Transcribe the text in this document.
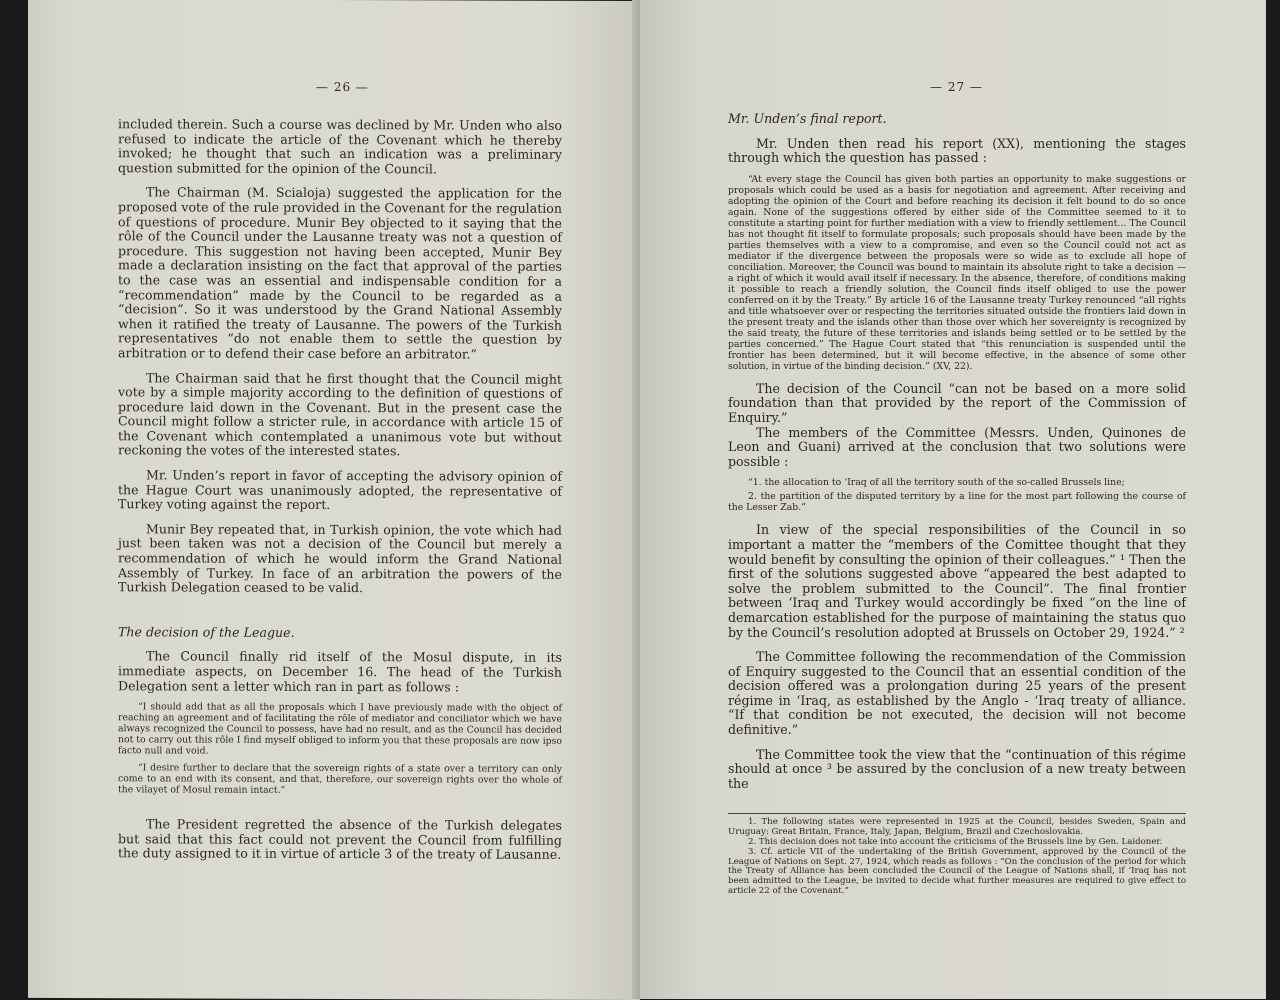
— 26 —

included therein. Such a course was declined by Mr. Unden who also refused to indicate the article of the Covenant which he thereby invoked; he thought that such an indication was a preliminary question submitted for the opinion of the Council.

The Chairman (M. Scialoja) suggested the application for the proposed vote of the rule provided in the Covenant for the regulation of questions of procedure. Munir Bey objected to it saying that the rôle of the Council under the Lausanne treaty was not a question of procedure. This suggestion not having been accepted, Munir Bey made a declaration insisting on the fact that approval of the parties to the case was an essential and indispensable condition for a “recommendation” made by the Council to be regarded as a “decision”. So it was understood by the Grand National Assembly when it ratified the treaty of Lausanne. The powers of the Turkish representatives “do not enable them to settle the question by arbitration or to defend their case before an arbitrator.”

The Chairman said that he first thought that the Council might vote by a simple majority according to the definition of questions of procedure laid down in the Covenant. But in the present case the Council might follow a stricter rule, in accordance with article 15 of the Covenant which contemplated a unanimous vote but without reckoning the votes of the interested states.

Mr. Unden’s report in favor of accepting the advisory opinion of the Hague Court was unanimously adopted, the representative of Turkey voting against the report.

Munir Bey repeated that, in Turkish opinion, the vote which had just been taken was not a decision of the Council but merely a recommendation of which he would inform the Grand National Assembly of Turkey. In face of an arbitration the powers of the Turkish Delegation ceased to be valid.

The decision of the League.

The Council finally rid itself of the Mosul dispute, in its immediate aspects, on December 16. The head of the Turkish Delegation sent a letter which ran in part as follows :

“I should add that as all the proposals which I have previously made with the object of reaching an agreement and of facilitating the rôle of mediator and conciliator which we have always recognized the Council to possess, have had no result, and as the Council has decided not to carry out this rôle I find myself obliged to inform you that these proposals are now ipso facto null and void.

“I desire further to declare that the sovereign rights of a state over a territory can only come to an end with its consent, and that, therefore, our sovereign rights over the whole of the vilayet of Mosul remain intact.”

The President regretted the absence of the Turkish delegates but said that this fact could not prevent the Council from fulfilling the duty assigned to it in virtue of article 3 of the treaty of Lausanne.

— 27 —

Mr. Unden’s final report.

Mr. Unden then read his report (XX), mentioning the stages through which the question has passed :

“At every stage the Council has given both parties an opportunity to make suggestions or proposals which could be used as a basis for negotiation and agreement. After receiving and adopting the opinion of the Court and before reaching its decision it felt bound to do so once again. None of the suggestions offered by either side of the Committee seemed to it to constitute a starting point for further mediation with a view to friendly settlement... The Council has not thought fit itself to formulate proposals; such proposals should have been made by the parties themselves with a view to a compromise, and even so the Council could not act as mediator if the divergence between the proposals were so wide as to exclude all hope of conciliation. Moreover, the Council was bound to maintain its absolute right to take a decision — a right of which it would avail itself if necessary. In the absence, therefore, of conditions making it possible to reach a friendly solution, the Council finds itself obliged to use the power conferred on it by the Treaty.” By article 16 of the Lausanne treaty Turkey renounced “all rights and title whatsoever over or respecting the territories situated outside the frontiers laid down in the present treaty and the islands other than those over which her sovereignty is recognized by the said treaty, the future of these territories and islands being settled or to be settled by the parties concerned.” The Hague Court stated that “this renunciation is suspended until the frontier has been determined, but it will become effective, in the absence of some other solution, in virtue of the binding decision.” (XV, 22).

The decision of the Council “can not be based on a more solid foundation than that provided by the report of the Commission of Enquiry.”

The members of the Committee (Messrs. Unden, Quinones de Leon and Guani) arrived at the conclusion that two solutions were possible :

“1. the allocation to ‘Iraq of all the territory south of the so-called Brussels line;

2. the partition of the disputed territory by a line for the most part following the course of the Lesser Zab.”

In view of the special responsibilities of the Council in so important a matter the “members of the Comittee thought that they would benefit by consulting the opinion of their colleagues.” ¹ Then the first of the solutions suggested above “appeared the best adapted to solve the problem submitted to the Council”. The final frontier between ‘Iraq and Turkey would accordingly be fixed “on the line of demarcation established for the purpose of maintaining the status quo by the Council’s resolution adopted at Brussels on October 29, 1924.” ²

The Committee following the recommendation of the Commission of Enquiry suggested to the Council that an essential condition of the decision offered was a prolongation during 25 years of the present régime in ‘Iraq, as established by the Anglo - ‘Iraq treaty of alliance. “If that condition be not executed, the decision will not become definitive.”

The Committee took the view that the “continuation of this régime should at once ³ be assured by the conclusion of a new treaty between the

1. The following states were represented in 1925 at the Council, besides Sweden, Spain and Uruguay: Great Britain, France, Italy, Japan, Belgium, Brazil and Czechoslovakia.

2. This decision does not take into account the criticisms of the Brussels line by Gen. Laidoner.

3. Cf. article VII of the undertaking of the British Government, approved by the Council of the League of Nations on Sept. 27, 1924, which reads as follows : “On the conclusion of the period for which the Treaty of Alliance has been concluded the Council of the League of Nations shall, if ‘Iraq has not been admitted to the League, be invited to decide what further measures are required to give effect to article 22 of the Covenant.”
